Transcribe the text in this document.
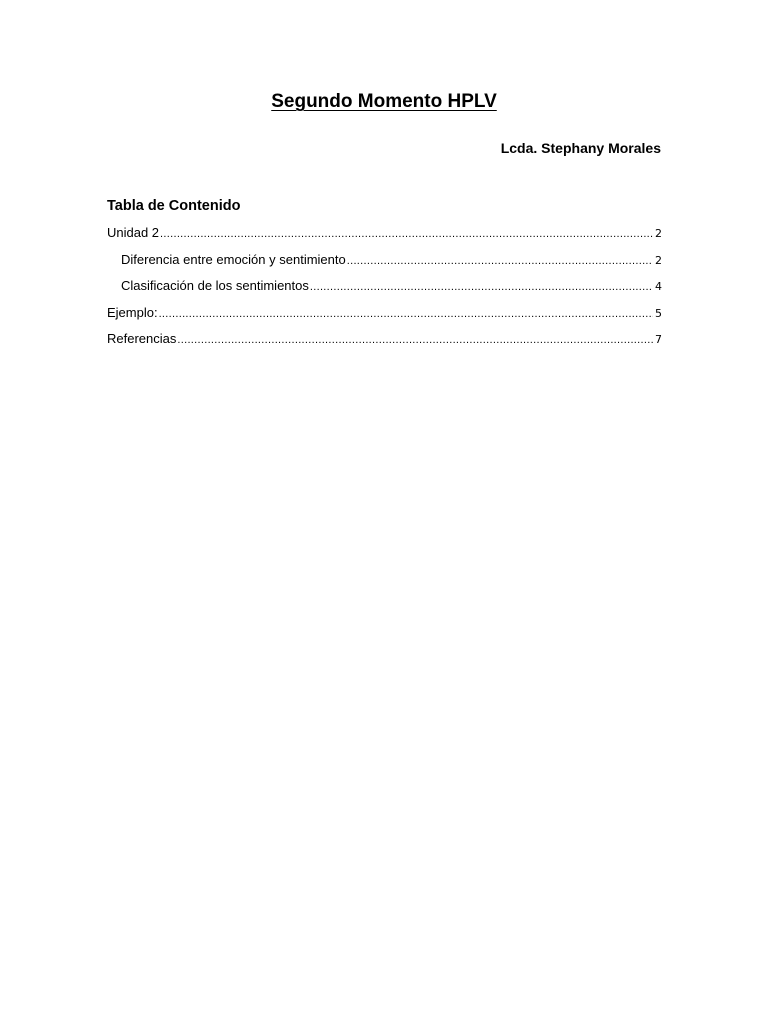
Segundo Momento HPLV

Lcda. Stephany Morales

Tabla de Contenido
Unidad 2 .....	2
Diferencia entre emoción y sentimiento .....	2
Clasificación de los sentimientos .....	4
Ejemplo: .....	5
Referencias .....	7
